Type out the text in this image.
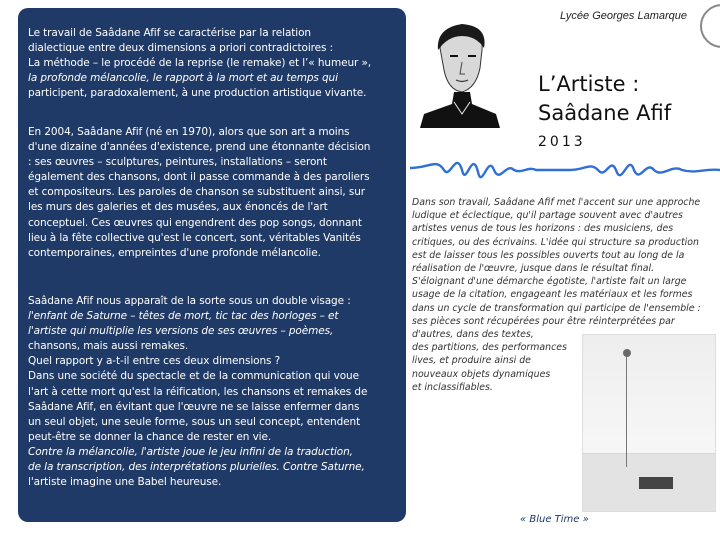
Le travail de Saâdane Afif se caractérise par la relation
dialectique entre deux dimensions a priori contradictoires :
La méthode – le procédé de la reprise (le remake) et l’« humeur »,
la profonde mélancolie, le rapport à la mort et au temps qui
participent, paradoxalement, à une production artistique vivante.

En 2004, Saâdane Afif (né en 1970), alors que son art a moins
d'une dizaine d'années d'existence, prend une étonnante décision
: ses œuvres – sculptures, peintures, installations – seront
également des chansons, dont il passe commande à des paroliers
et compositeurs. Les paroles de chanson se substituent ainsi, sur
les murs des galeries et des musées, aux énoncés de l'art
conceptuel. Ces œuvres qui engendrent des pop songs, donnant
lieu à la fête collective qu'est le concert, sont, véritables Vanités
contemporaines, empreintes d'une profonde mélancolie.

Saâdane Afif nous apparaît de la sorte sous un double visage :
l'enfant de Saturne – têtes de mort, tic tac des horloges – et
l'artiste qui multiplie les versions de ses œuvres – poèmes,
chansons, mais aussi remakes.
Quel rapport y a-t-il entre ces deux dimensions ?
Dans une société du spectacle et de la communication qui voue
l'art à cette mort qu'est la réification, les chansons et remakes de
Saâdane Afif, en évitant que l'œuvre ne se laisse enfermer dans
un seul objet, une seule forme, sous un seul concept, entendent
peut-être se donner la chance de rester en vie.
Contre la mélancolie, l'artiste joue le jeu infini de la traduction,
de la transcription, des interprétations plurielles. Contre Saturne,
l'artiste imagine une Babel heureuse.

Lycée Georges Lamarque
L’Artiste :
Saâdane Afif
2013
Dans son travail, Saâdane Afif met l'accent sur une approche
ludique et éclectique, qu'il partage souvent avec d'autres
artistes venus de tous les horizons : des musiciens, des
critiques, ou des écrivains. L'idée qui structure sa production
est de laisser tous les possibles ouverts tout au long de la
réalisation de l'œuvre, jusque dans le résultat final.
S'éloignant d'une démarche égotiste, l'artiste fait un large
usage de la citation, engageant les matériaux et les formes
dans un cycle de transformation qui participe de l'ensemble :
ses pièces sont récupérées pour être réinterprétées par
d'autres, dans des textes,
des partitions, des performances
lives, et produire ainsi de
nouveaux objets dynamiques
et inclassifiables.
« Blue Time »
